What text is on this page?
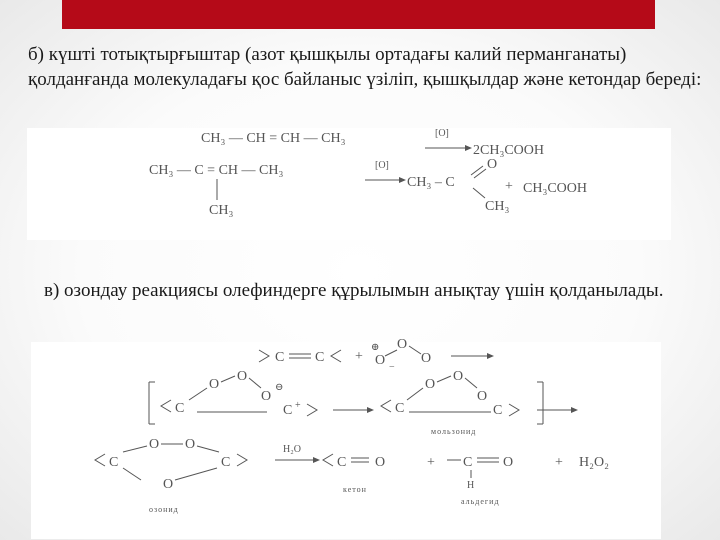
б) күшті тотықтырғыштар (азот қышқылы ортадағы калий перманганаты) қолданғанда молекуладағы қос байланыс үзіліп, қышқылдар және кетондар береді:

CH₃ — CH = CH — CH₃	[O]
2CH₃COOH
CH₃ — C = CH — CH₃
CH₃
[O]
CH₃ – C
O
CH₃
+ CH₃COOH

в) озондау реакциясы олефиндерге құрылымын анықтау үшін қолданылады.

C C +
⊕
O
O
O
−
C
O
O
O
⊖
C +	C
O
O
O
C
мользонид
C
O O
C
O
озонид
H₂O
C O
кетон
+ C O
H
альдегид
+ H₂O₂
